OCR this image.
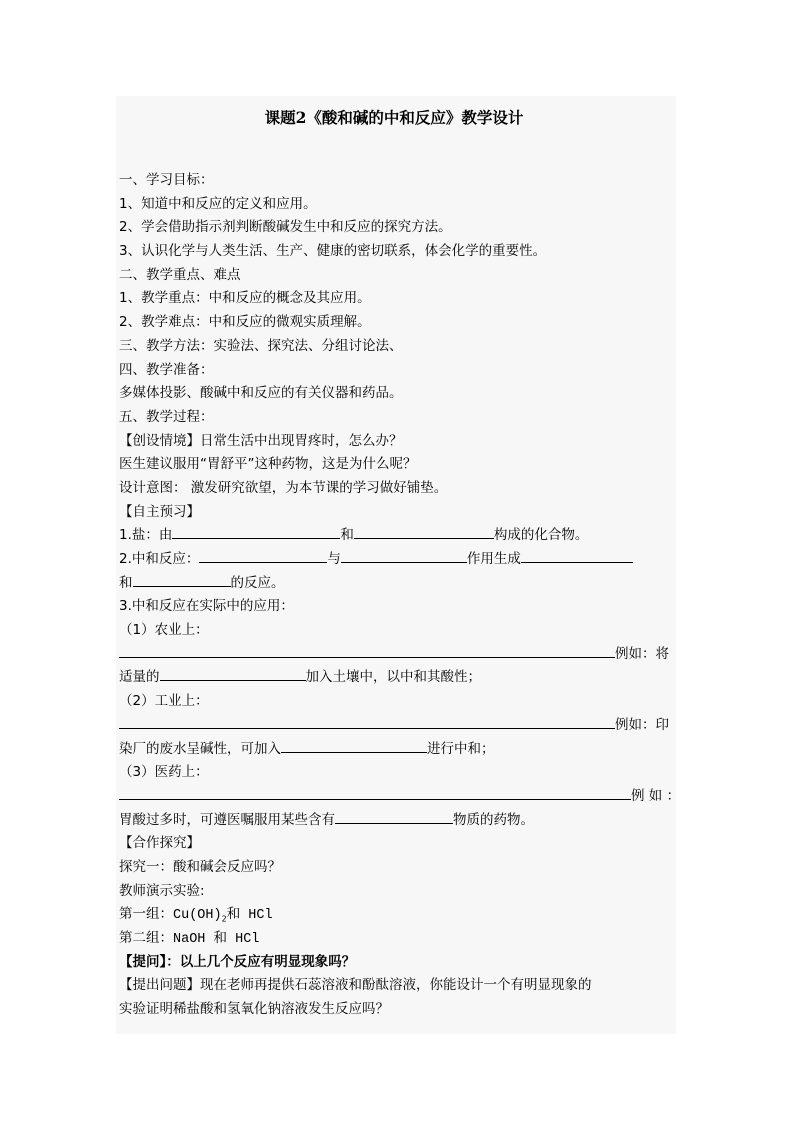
课题2《酸和碱的中和反应》教学设计
一、学习目标：
1、知道中和反应的定义和应用。
2、学会借助指示剂判断酸碱发生中和反应的探究方法。
3、认识化学与人类生活、生产、健康的密切联系，体会化学的重要性。
二、教学重点、难点
1、教学重点：中和反应的概念及其应用。
2、教学难点：中和反应的微观实质理解。
三、教学方法：实验法、探究法、分组讨论法、
四、教学准备：
多媒体投影、酸碱中和反应的有关仪器和药品。
五、教学过程：
【创设情境】日常生活中出现胃疼时，怎么办？
医生建议服用“胃舒平”这种药物，这是为什么呢？
设计意图： 激发研究欲望，为本节课的学习做好铺垫。
【自主预习】
1.盐：由	和	构成的化合物。
2.中和反应：	与	作用生成
和	的反应。
3.中和反应在实际中的应用：
（1）农业上：
例如：将
适量的	加入土壤中，以中和其酸性；
（2）工业上：
例如：印
染厂的废水呈碱性，可加入	进行中和；
（3）医药上：
例 如 ：
胃酸过多时，可遵医嘱服用某些含有	物质的药物。
【合作探究】
探究一：酸和碱会反应吗？
教师演示实验:
第一组：$Cu(OH)_2$和 HCl
第二组：NaOH 和 HCl
【提问】：以上几个反应有明显现象吗？
【提出问题】现在老师再提供石蕊溶液和酚酞溶液，你能设计一个有明显现象的
实验证明稀盐酸和氢氧化钠溶液发生反应吗？
